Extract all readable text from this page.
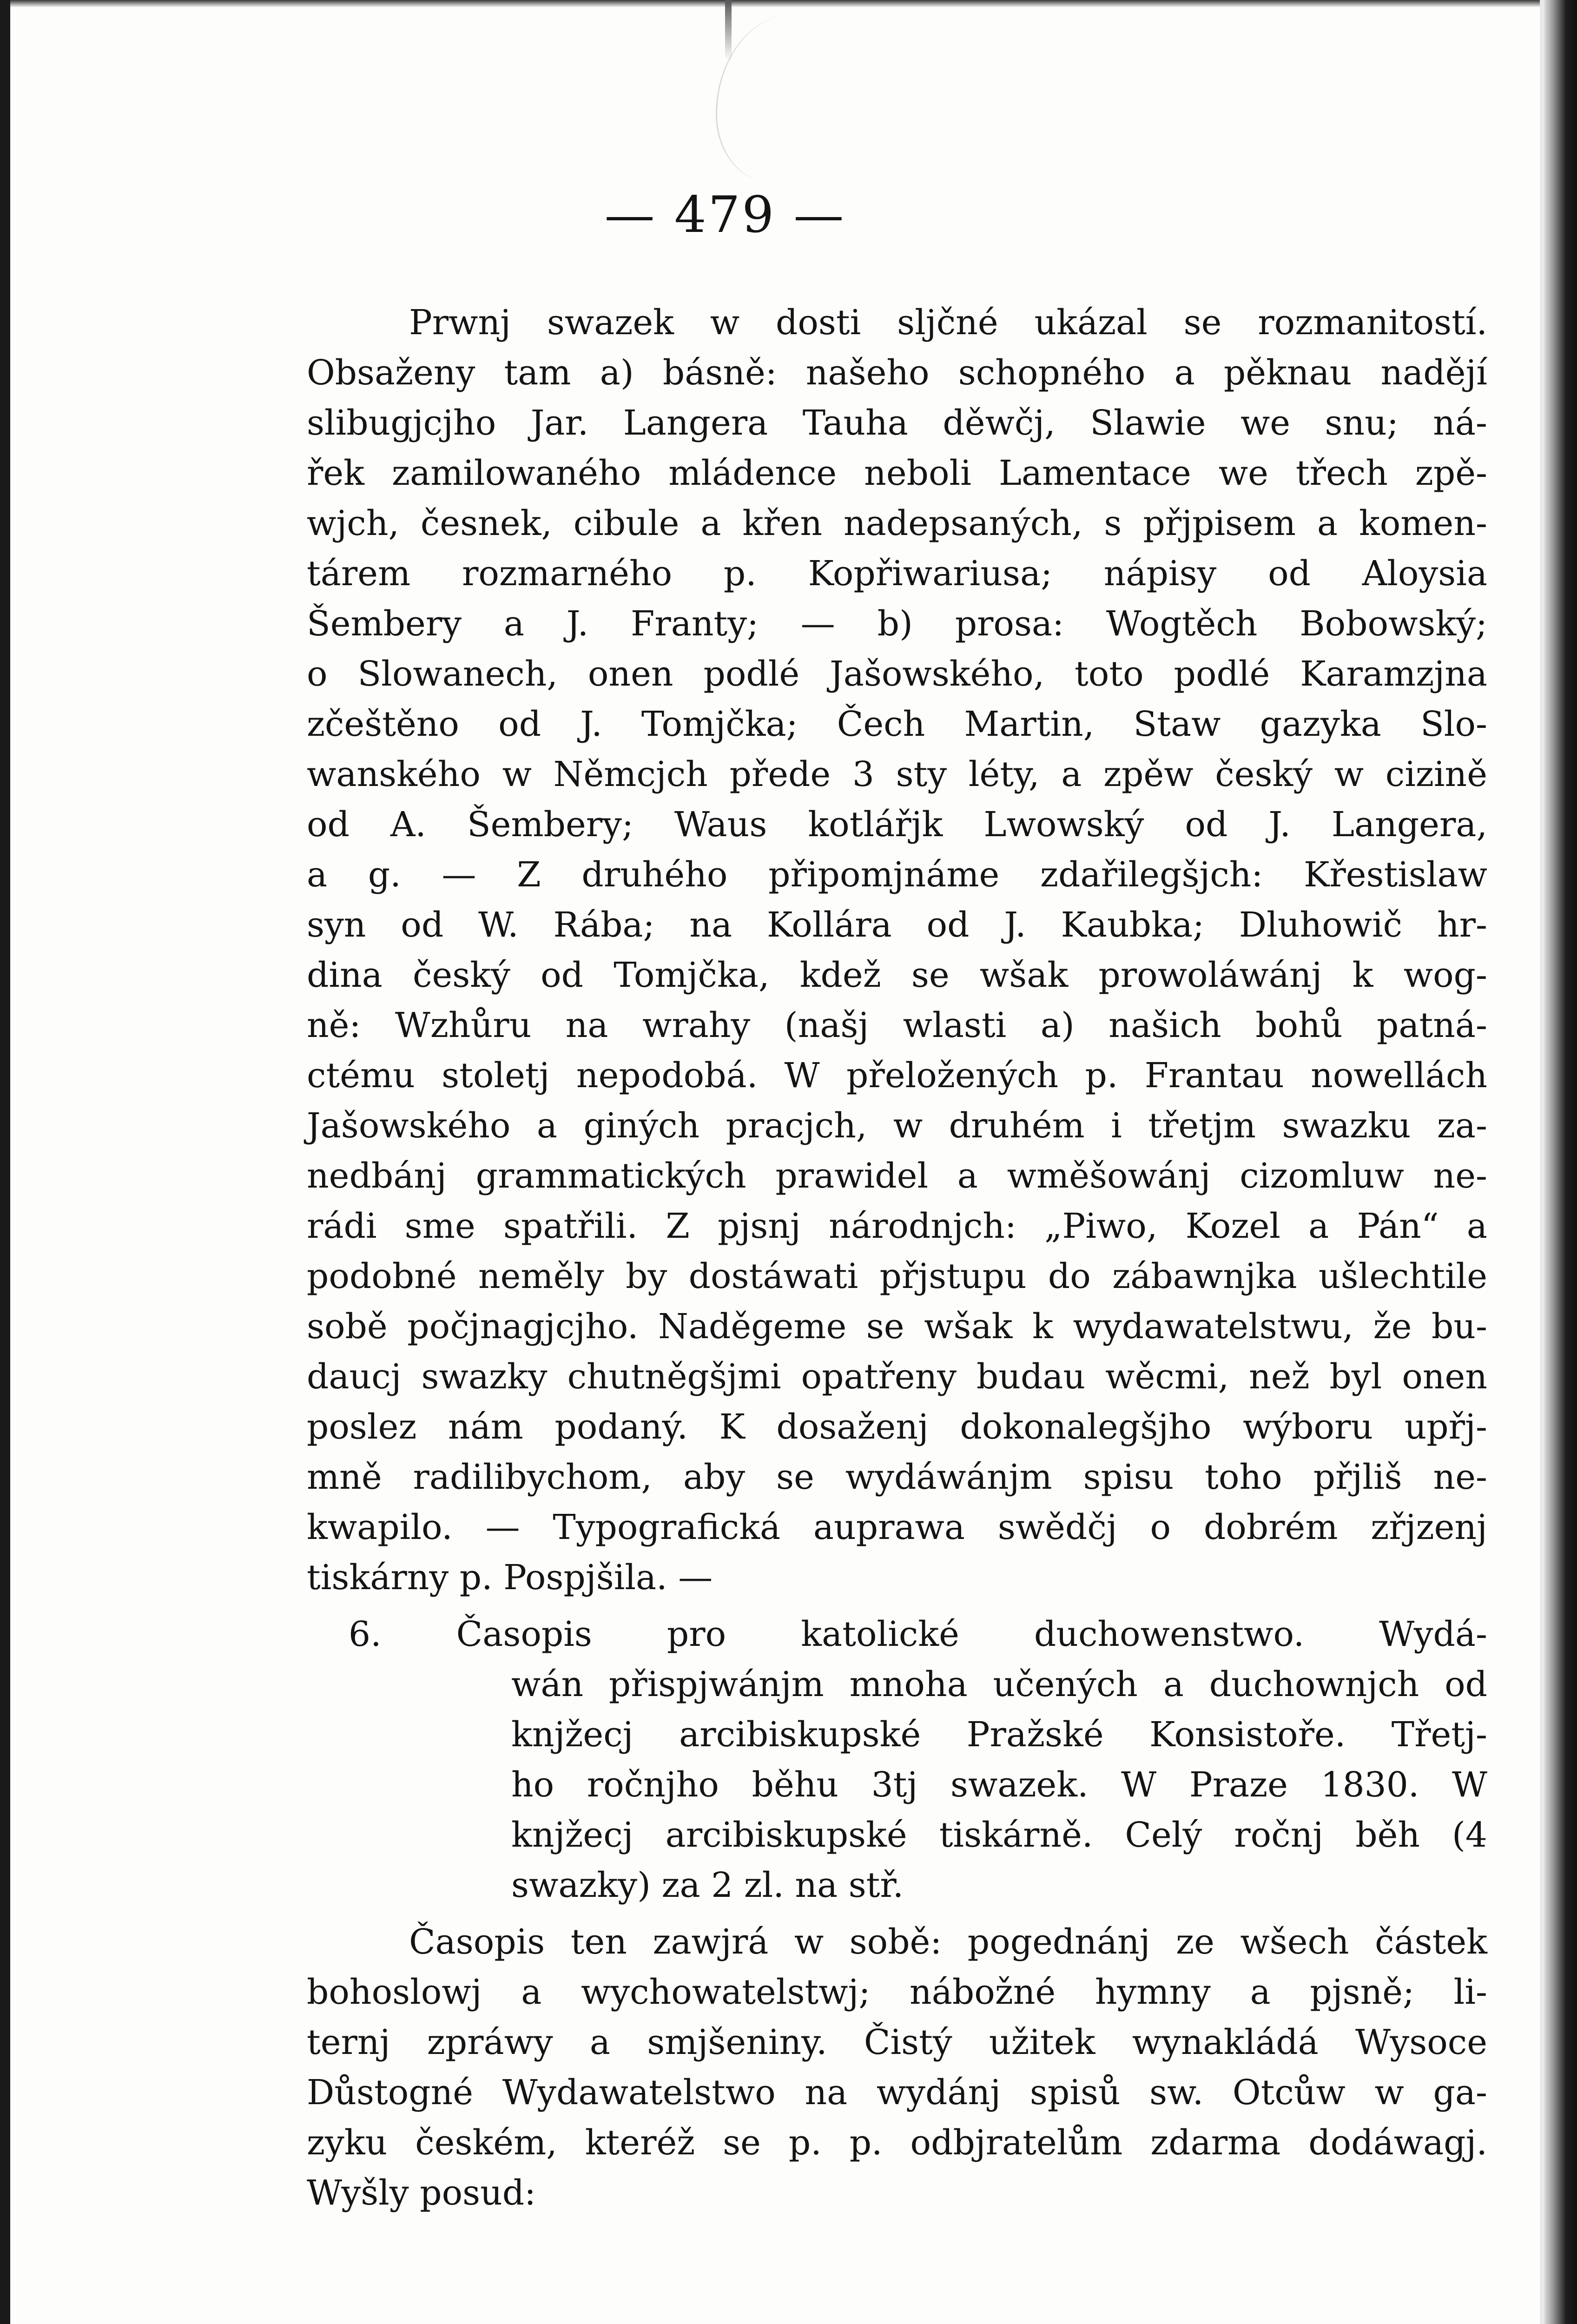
— 479 —
Prwnj swazek w dosti sljčné ukázal se rozmanitostí.
Obsaženy tam a) básně: našeho schopného a pěknau nadějí
slibugjcjho Jar. Langera Tauha děwčj, Slawie we snu; ná-
řek zamilowaného mládence neboli Lamentace we třech zpě-
wjch, česnek, cibule a křen nadepsaných, s přjpisem a komen-
tárem rozmarného p. Kopřiwariusa; nápisy od Aloysia
Šembery a J. Franty; — b) prosa: Wogtěch Bobowský;
o Slowanech, onen podlé Jašowského, toto podlé Karamzjna
zčeštěno od J. Tomjčka; Čech Martin, Staw gazyka Slo-
wanského w Němcjch přede 3 sty léty, a zpěw český w cizině
od A. Šembery; Waus kotlářjk Lwowský od J. Langera,
a g. — Z druhého připomjnáme zdařilegšjch: Křestislaw
syn od W. Rába; na Kollára od J. Kaubka; Dluhowič hr-
dina český od Tomjčka, kdež se wšak prowoláwánj k wog-
ně: Wzhůru na wrahy (našj wlasti a) našich bohů patná-
ctému stoletj nepodobá. W přeložených p. Frantau nowellách
Jašowského a giných pracjch, w druhém i třetjm swazku za-
nedbánj grammatických prawidel a wměšowánj cizomluw ne-
rádi sme spatřili. Z pjsnj národnjch: „Piwo, Kozel a Pán“ a
podobné neměly by dostáwati přjstupu do zábawnjka ušlechtile
sobě počjnagjcjho. Naděgeme se wšak k wydawatelstwu, že bu-
daucj swazky chutněgšjmi opatřeny budau wěcmi, než byl onen
poslez nám podaný. K dosaženj dokonalegšjho wýboru upřj-
mně radilibychom, aby se wydáwánjm spisu toho přjliš ne-
kwapilo. — Typografická auprawa swědčj o dobrém zřjzenj
tiskárny p. Pospjšila. —
6. Časopis pro katolické duchowenstwo. Wydá-
wán přispjwánjm mnoha učených a duchownjch od
knjžecj arcibiskupské Pražské Konsistoře. Třetj-
ho ročnjho běhu 3tj swazek. W Praze 1830. W
knjžecj arcibiskupské tiskárně. Celý ročnj běh (4
swazky) za 2 zl. na stř.
Časopis ten zawjrá w sobě: pogednánj ze wšech částek
bohoslowj a wychowatelstwj; nábožné hymny a pjsně; li-
ternj zpráwy a smjšeniny. Čistý užitek wynakládá Wysoce
Důstogné Wydawatelstwo na wydánj spisů sw. Otcůw w ga-
zyku českém, kteréž se p. p. odbjratelům zdarma dodáwagj.
Wyšly posud:
